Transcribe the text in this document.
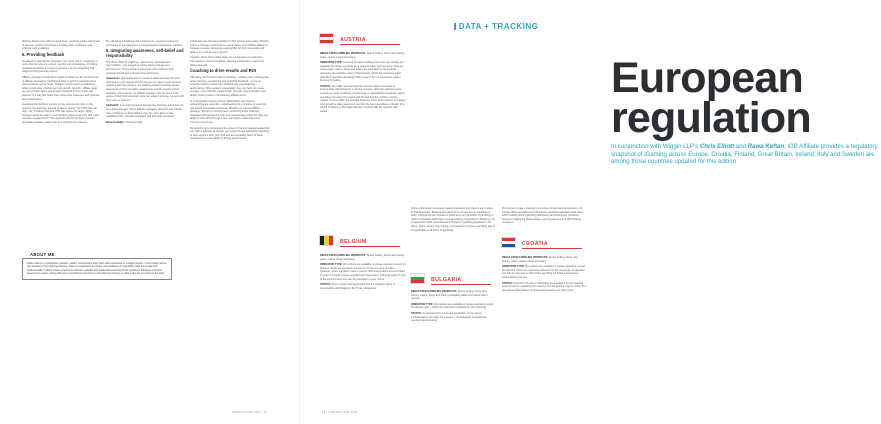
thinking. Rather than offering quick fixes, coaching guides individuals to discover answers themselves, building their confidence and problem-solving abilities.

5. Providing feedback

Feedback is essential for progress in any field, and in coaching it is most effective when it is timely, specific and constructive. Providing feedback should be an ongoing process, not just something that happens during annual reviews.

Affiliate managers should give regular feedback on the performance of affiliate campaigns, highlighting what is working well and where improvements can be made. Positive reinforcement is motivating, while constructive criticism can help growth. Specific, affiliate deals are and entrepreneurs can provide feedback to their teams and partners in a way that helps them refine their strategies and optimise their performance.

Feedback should focus not just on the outcome but also on the process. For example, instead of simply saying "Your CPA was too high" say "I noticed that your CTR was below our target. What changes would be made to your landing pages or ad copy that might increase engagement?" This approach directs the focus towards actionable solutions rather than just pointing out problems.

By cultivating a feedback-rich environment, everyone involved is more likely to feel supported, empowered and motivated to improve.

6. Integrating awareness, self-belief and responsibility

The three pillars of coaching – awareness, self-belief and responsibility – are integral to driving lasting change and improvement. They provide a framework that enhances both personal growth and professional performance.

Awareness: Self-awareness is crucial to understanding how your work has on your results and the role you can play in your success. Coaches can help clients in the iGaming industry develop greater awareness of their strengths, weaknesses and the impact of their decisions. For instance, an affiliate manager who becomes more aware of their communication style can adapt it to better connect with their team or partners.

Self-belief: It is a high-pressure industry like iGaming, self-belief can be a game-changer. When affiliate managers, directors and officials have confidence in their abilities, they are more likely to take calculated risks, innovate strategies and lead with conviction.

Responsibility: Coaching helps

individuals take full responsibility for their actions and results. Whether you're a manager mentoring the performance of an affiliate looking to increase revenue, accepting responsibility for both successes and failures is a critical step in growth.

Together, these three pillars foster an environment of continuous improvement and accountability, allowing individuals to reach their fullest potential.

Coaching to drive results and ROI

Ultimately, the fundamentals of coaching – building trust, setting goals, active listening, questioning and providing feedback – serve as powerful tools for enhancing individual and organisational performance. When applied strategically, they can help you create stronger, more effective relationships, improve communication, and deliver better results in the iGaming affiliate world.

In a competitive industry where collaboration and effective partnerships are essential, understanding the principles of coaching can unlock new levels of success. Whether you are an affiliate manager, director or entrepreneur, embracing these coaching strategies will improve not only your professional growth but also your ability to drive ROI through more meaningful relationships and improved outcomes.

By stepping up to understand the power of transformational leadership, you offer a pathway to elevate your team through leadership coaching to help enhance both your craft and accountability. Each of these components is a key factor in driving performance.

Claire Adams is a published marketer, leader, entrepreneur and coach with experience in multiple sectors, most notably almost two decades in the iGaming industry. Claire is exceptional at carving new pathways for possibility, both personally and professionally. In 2021, Claire received its referral to add life and leadership coaching to her repertoire, following a full and powerhouse career, along with some exceptional experience in the iGaming industry, is what make her an expert in her field.
ABOUT ME
IGBAFFILIATE.COM | 31
DATA + TRACKING
AUSTRIA

REGULATED GAMBLING PRODUCTS: Sports betting, horse race betting, poker, casino, bingo and lottery.

OPERATOR TYPE: Licences for sports betting and horse race betting are available for private operators on a regional basis, with a licence, however, online poker, casino, bingo and lottery are controlled by the Federal monopoly, the Austrian Lottery (Casinoausn), which has exclusive rights until 2027. Gambling licensing holds a seat of the 12 land-based casino licences in Austria.

STATUS: The CJEU has held that the Austrian casino monopoly is incompatible with EU law in a number of cases, although national courts continue to reach conflicting decisions as to compatibility of Austrian casino and lottery licensing framework with EU law and the position remains unclear. In June 2022, the Austrian Supreme Court held in favour of a player who brought a claim against an operator licensed elsewhere in the EU for a refund of losses on the basis that their contract with the operator was invalid.

BELGIUM

REGULATED GAMBLING PRODUCTS: Sports betting, horse race betting, poker, casino, bingo and lottery.

OPERATOR TYPE: All products are available to private operators except for lotteries, which are reserved exclusively for the monopoly provider. However, online operators need to partner with a land-based licence holder in order to provide a local, establishment dependent, ordinarily apply for one of the local licences that can be extended to cover online.

STATUS: There remain valid arguments that the existing regime is incompatible with Belgium's EU Treaty obligations.

European
regulation
In conjunction with Wiggin LLP's Chris Elliott and Rawa Keftan, iGB Affiliate provides a regulatory snapshot of iGaming across Europe. Croatia, Finland, Great Britain, Ireland, Italy and Sweden are among those countries updated for this edition

Active enforcement measures against operators and players are in place. In mid-December, Bulgaria brought in force its new Act on Gambling in 2022, a Royal Decree introduced restrictions on promotion of gambling in order to operators authorised (and advertising of gambling in Belgium). On 1 September 2024, amendments to Belgium's gambling legislation took effect, which, among other things, increased the minimum gambling age of 21 applicable to all forms of gambling.

BULGARIA

REGULATED GAMBLING PRODUCTS: Sports betting, horse race betting, casino, bingo and lottery (excluding raffles and mixed lottery games).

OPERATOR TYPE: All products are available to private operators except for lotteries and ... which are reserved exclusively for the monopoly.

STATUS: An operator from a relevant jurisdiction (or the Seven Confederation) can apply for a licence. The Bulgarian regulator has received approximately

20 licences to date, including to a number of international operators. On 10 May 2024, amendments to Bulgaria's gambling legislation took effect, which heavily restrict gambling advertising and introduced provisions aimed at tackling the black market, such as payment and ISP blocking measures.

CROATIA

REGULATED GAMBLING PRODUCTS: Sports betting, horse race betting, poker, casino, bingo and lottery.

OPERATOR TYPE: All products are available to private operators, except for lotteries, which are reserved exclusively for the monopoly. An operator can only be licensed to offer online gambling if it holds a land-based casino offering licence.

STATUS: Amends to the Act on Gambling were adopted by the Croatian Government for regulating the country's remote gaming regime. Under the amendment that holders of land-based licences can offer online

16 | IGBAFFILIATE.COM
